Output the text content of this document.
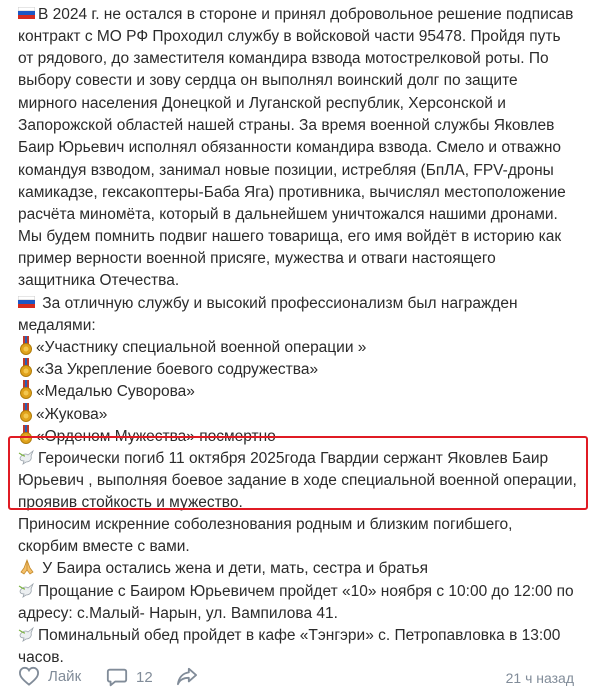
В 2024 г. не остался в стороне и принял добровольное решение подписав
контракт с МО РФ Проходил службу в войсковой части 95478. Пройдя путь
от рядового, до заместителя командира взвода мотострелковой роты. По
выбору совести и зову сердца он выполнял воинский долг по защите
мирного населения Донецкой и Луганской республик, Херсонской и
Запорожской областей нашей страны. За время военной службы Яковлев
Баир Юрьевич исполнял обязанности командира взвода. Смело и отважно
командуя взводом, занимал новые позиции, истребляя (БпЛА, FPV-дроны
камикадзе, гексакоптеры-Баба Яга) противника, вычислял местоположение
расчёта миномёта, который в дальнейшем уничтожался нашими дронами.
Мы будем помнить подвиг нашего товарища, его имя войдёт в историю как
пример верности военной присяге, мужества и отваги настоящего
защитника Отечества.
За отличную службу и высокий профессионализм был награжден
медалями:
«Участнику специальной военной операции »
«За Укрепление боевого содружества»
«Медалью Суворова»
«Жукова»
«Орденом Мужества» посмертно
Героически погиб 11 октября 2025года Гвардии сержант Яковлев Баир
Юрьевич , выполняя боевое задание в ходе специальной военной операции,
проявив стойкость и мужество.
Приносим искренние соболезнования родным и близким погибшего,
скорбим вместе с вами.
У Баира остались жена и дети, мать, сестра и братья
Прощание с Баиром Юрьевичем пройдет «10» ноября с 10:00 до 12:00 по
адресу: с.Малый- Нарын, ул. Вампилова 41.
Поминальный обед пройдет в кафе «Тэнгэри» с. Петропавловка в 13:00
часов.
Лайк	12	21 ч назад
